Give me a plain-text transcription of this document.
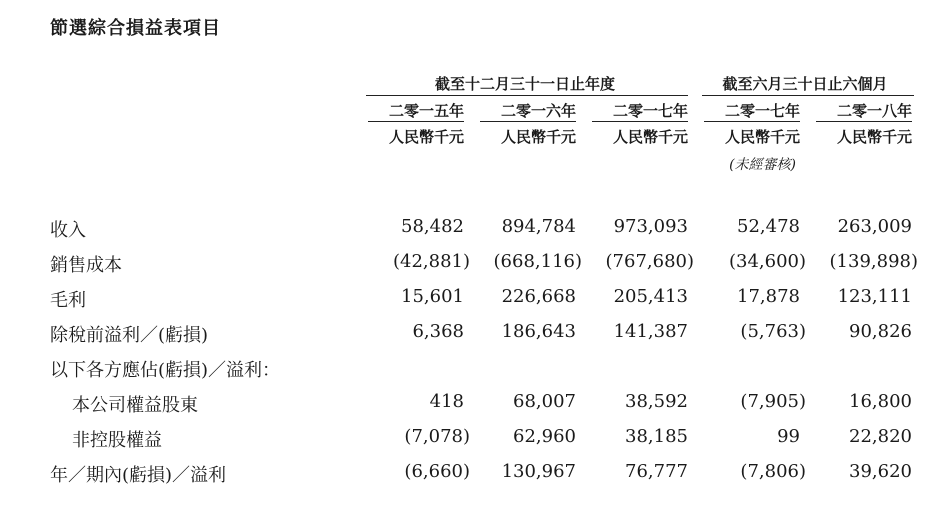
節選綜合損益表項目
截至十二月三十一日止年度	截至六月三十日止六個月
二零一五年	二零一六年	二零一七年	二零一七年	二零一八年
人民幣千元	人民幣千元	人民幣千元	人民幣千元	人民幣千元
(未經審核)
收入	58,482	894,784	973,093	52,478	263,009
銷售成本	(42,881)	(668,116)	(767,680)	(34,600)	(139,898)
毛利	15,601	226,668	205,413	17,878	123,111
除稅前溢利／(虧損)	6,368	186,643	141,387	(5,763)	90,826
以下各方應佔(虧損)／溢利：
本公司權益股東	418	68,007	38,592	(7,905)	16,800
非控股權益	(7,078)	62,960	38,185	99	22,820
年／期內(虧損)／溢利	(6,660)	130,967	76,777	(7,806)	39,620
